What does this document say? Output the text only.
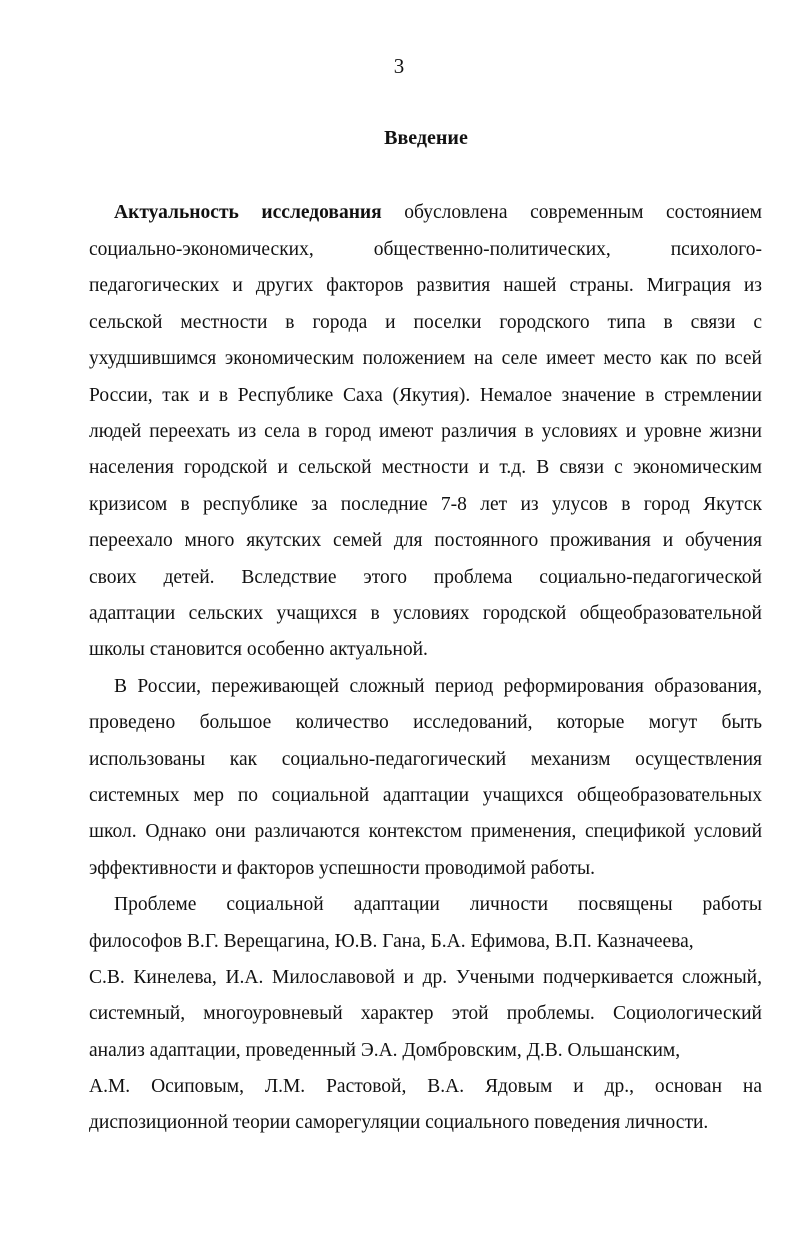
3
Введение
Актуальность исследования обусловлена современным состоянием
социально-экономических, общественно-политических, психолого-
педагогических и других факторов развития нашей страны. Миграция из
сельской местности в города и поселки городского типа в связи с
ухудшившимся экономическим положением на селе имеет место как по всей
России, так и в Республике Саха (Якутия). Немалое значение в стремлении
людей переехать из села в город имеют различия в условиях и уровне жизни
населения городской и сельской местности и т.д. В связи с экономическим
кризисом в республике за последние 7-8 лет из улусов в город Якутск
переехало много якутских семей для постоянного проживания и обучения
своих детей. Вследствие этого проблема социально-педагогической
адаптации сельских учащихся в условиях городской общеобразовательной
школы становится особенно актуальной.
В России, переживающей сложный период реформирования образования,
проведено большое количество исследований, которые могут быть
использованы как социально-педагогический механизм осуществления
системных мер по социальной адаптации учащихся общеобразовательных
школ. Однако они различаются контекстом применения, спецификой условий
эффективности и факторов успешности проводимой работы.
Проблеме социальной адаптации личности посвящены работы
философов В.Г. Верещагина, Ю.В. Гана, Б.А. Ефимова, В.П. Казначеева,
С.В. Кинелева, И.А. Милославовой и др. Учеными подчеркивается сложный,
системный, многоуровневый характер этой проблемы. Социологический
анализ адаптации, проведенный Э.А. Домбровским, Д.В. Ольшанским,
А.М. Осиповым, Л.М. Растовой, В.А. Ядовым и др., основан на
диспозиционной теории саморегуляции социального поведения личности.
